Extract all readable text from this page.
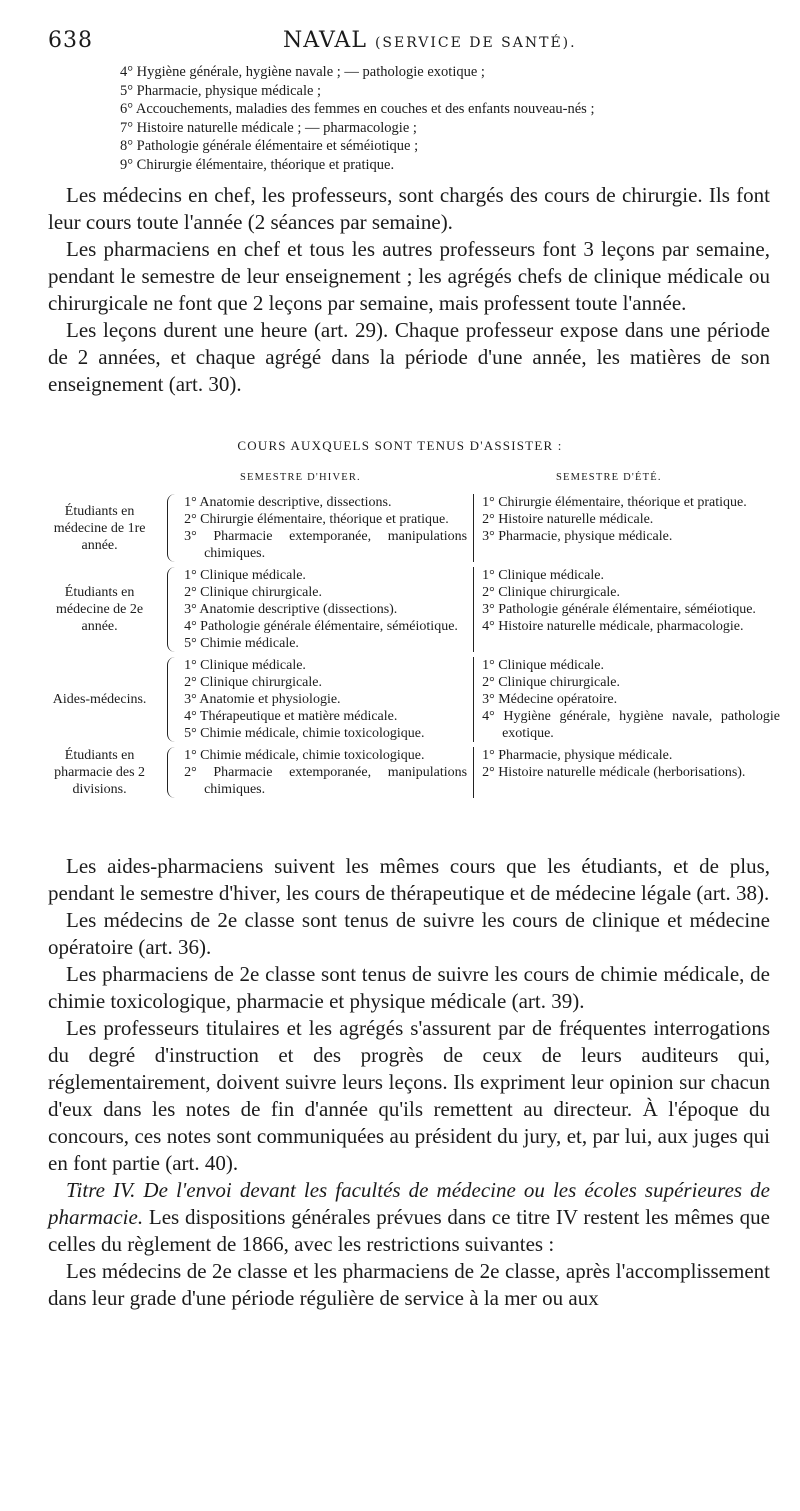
638	NAVAL (SERVICE DE SANTÉ).
4° Hygiène générale, hygiène navale ; — pathologie exotique ;
5° Pharmacie, physique médicale ;
6° Accouchements, maladies des femmes en couches et des enfants nouveau-nés ;
7° Histoire naturelle médicale ; — pharmacologie ;
8° Pathologie générale élémentaire et séméiotique ;
9° Chirurgie élémentaire, théorique et pratique.

Les médecins en chef, les professeurs, sont chargés des cours de chirurgie. Ils font leur cours toute l'année (2 séances par semaine).

Les pharmaciens en chef et tous les autres professeurs font 3 leçons par semaine, pendant le semestre de leur enseignement ; les agrégés chefs de clinique médicale ou chirurgicale ne font que 2 leçons par semaine, mais professent toute l'année.

Les leçons durent une heure (art. 29). Chaque professeur expose dans une période de 2 années, et chaque agrégé dans la période d'une année, les matières de son enseignement (art. 30).

COURS AUXQUELS SONT TENUS D'ASSISTER :
SEMESTRE D'HIVER.	SEMESTRE D'ÉTÉ.
Étudiants en médecine de 1re année.
1° Anatomie descriptive, dissections.
2° Chirurgie élémentaire, théorique et pratique.
3° Pharmacie extemporanée, manipulations chimiques.
1° Chirurgie élémentaire, théorique et pratique.
2° Histoire naturelle médicale.
3° Pharmacie, physique médicale.
Étudiants en médecine de 2e année.
1° Clinique médicale.
2° Clinique chirurgicale.
3° Anatomie descriptive (dissections).
4° Pathologie générale élémentaire, séméiotique.
5° Chimie médicale.
1° Clinique médicale.
2° Clinique chirurgicale.
3° Pathologie générale élémentaire, séméiotique.
4° Histoire naturelle médicale, pharmacologie.
Aides-médecins.
1° Clinique médicale.
2° Clinique chirurgicale.
3° Anatomie et physiologie.
4° Thérapeutique et matière médicale.
5° Chimie médicale, chimie toxicologique.
1° Clinique médicale.
2° Clinique chirurgicale.
3° Médecine opératoire.
4° Hygiène générale, hygiène navale, pathologie exotique.
Étudiants en pharmacie des 2 divisions.
1° Chimie médicale, chimie toxicologique.
2° Pharmacie extemporanée, manipulations chimiques.
1° Pharmacie, physique médicale.
2° Histoire naturelle médicale (herborisations).

Les aides-pharmaciens suivent les mêmes cours que les étudiants, et de plus, pendant le semestre d'hiver, les cours de thérapeutique et de médecine légale (art. 38).

Les médecins de 2e classe sont tenus de suivre les cours de clinique et médecine opératoire (art. 36).

Les pharmaciens de 2e classe sont tenus de suivre les cours de chimie médicale, de chimie toxicologique, pharmacie et physique médicale (art. 39).

Les professeurs titulaires et les agrégés s'assurent par de fréquentes interrogations du degré d'instruction et des progrès de ceux de leurs auditeurs qui, réglementairement, doivent suivre leurs leçons. Ils expriment leur opinion sur chacun d'eux dans les notes de fin d'année qu'ils remettent au directeur. À l'époque du concours, ces notes sont communiquées au président du jury, et, par lui, aux juges qui en font partie (art. 40).

Titre IV. De l'envoi devant les facultés de médecine ou les écoles supérieures de pharmacie. Les dispositions générales prévues dans ce titre IV restent les mêmes que celles du règlement de 1866, avec les restrictions suivantes :

Les médecins de 2e classe et les pharmaciens de 2e classe, après l'accomplissement dans leur grade d'une période régulière de service à la mer ou aux
